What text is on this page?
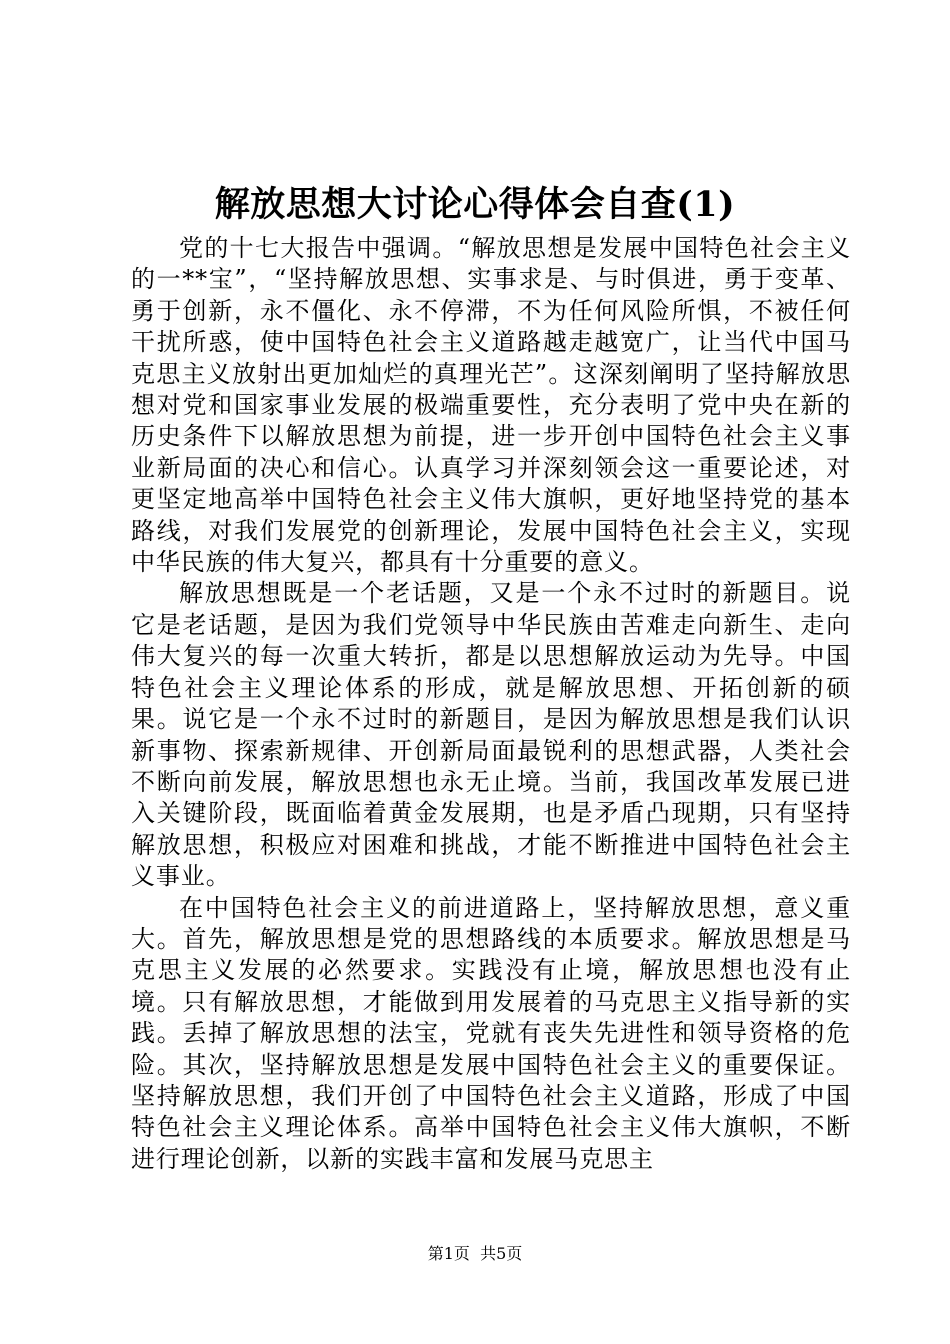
解放思想大讨论心得体会自查(1)

党的十七大报告中强调。“解放思想是发展中国特色社会主义的一**宝”，“坚持解放思想、实事求是、与时俱进，勇于变革、勇于创新，永不僵化、永不停滞，不为任何风险所惧，不被任何干扰所惑，使中国特色社会主义道路越走越宽广，让当代中国马克思主义放射出更加灿烂的真理光芒”。这深刻阐明了坚持解放思想对党和国家事业发展的极端重要性，充分表明了党中央在新的历史条件下以解放思想为前提，进一步开创中国特色社会主义事业新局面的决心和信心。认真学习并深刻领会这一重要论述，对更坚定地高举中国特色社会主义伟大旗帜，更好地坚持党的基本路线，对我们发展党的创新理论，发展中国特色社会主义，实现中华民族的伟大复兴，都具有十分重要的意义。

解放思想既是一个老话题，又是一个永不过时的新题目。说它是老话题，是因为我们党领导中华民族由苦难走向新生、走向伟大复兴的每一次重大转折，都是以思想解放运动为先导。中国特色社会主义理论体系的形成，就是解放思想、开拓创新的硕果。说它是一个永不过时的新题目，是因为解放思想是我们认识新事物、探索新规律、开创新局面最锐利的思想武器，人类社会不断向前发展，解放思想也永无止境。当前，我国改革发展已进入关键阶段，既面临着黄金发展期，也是矛盾凸现期，只有坚持解放思想，积极应对困难和挑战，才能不断推进中国特色社会主义事业。

在中国特色社会主义的前进道路上，坚持解放思想，意义重大。首先，解放思想是党的思想路线的本质要求。解放思想是马克思主义发展的必然要求。实践没有止境，解放思想也没有止境。只有解放思想，才能做到用发展着的马克思主义指导新的实践。丢掉了解放思想的法宝，党就有丧失先进性和领导资格的危险。其次，坚持解放思想是发展中国特色社会主义的重要保证。坚持解放思想，我们开创了中国特色社会主义道路，形成了中国特色社会主义理论体系。高举中国特色社会主义伟大旗帜，不断进行理论创新，以新的实践丰富和发展马克思主

第1页 共5页
